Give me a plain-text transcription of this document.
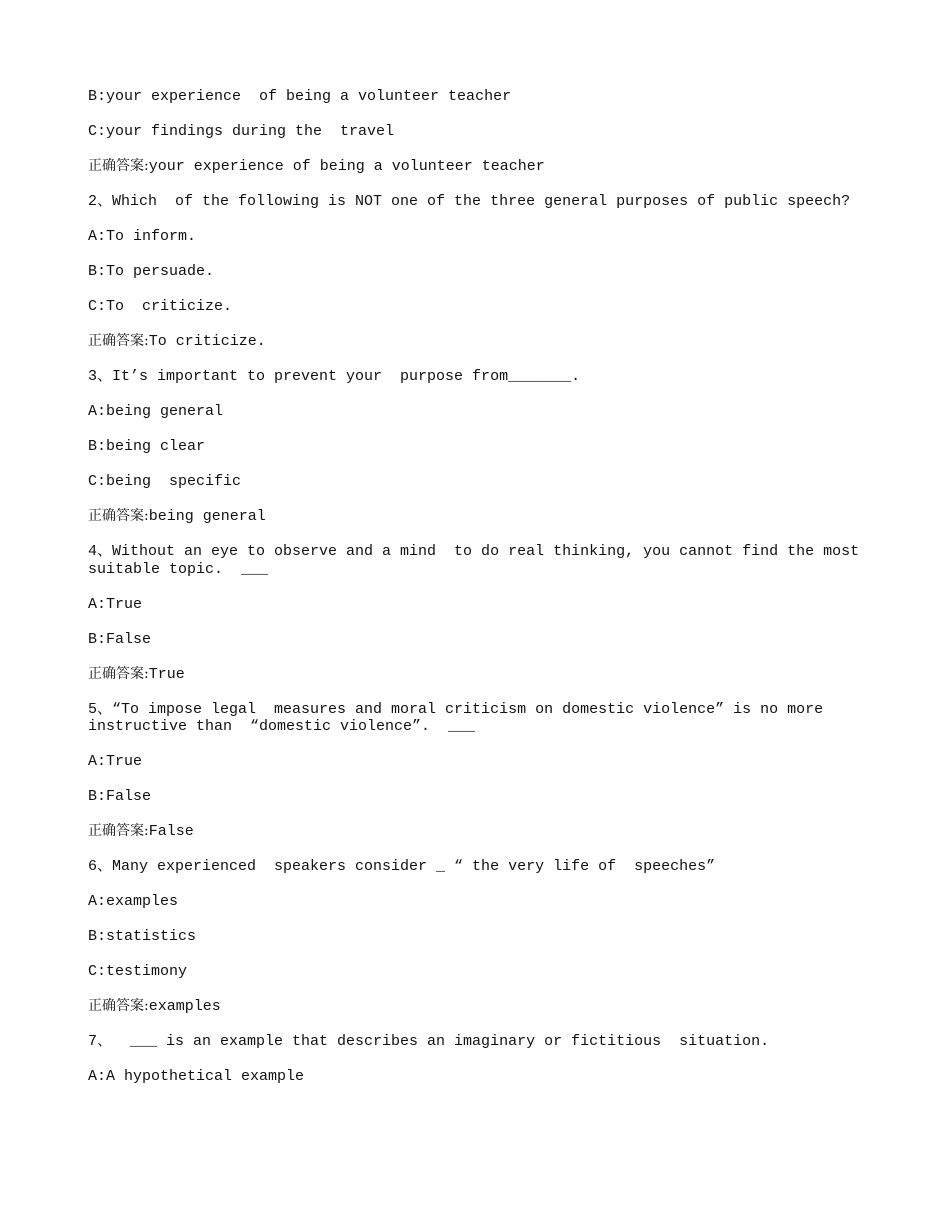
B:your experience  of being a volunteer teacher
C:your findings during the  travel
正确答案:your experience of being a volunteer teacher
2、Which  of the following is NOT one of the three general purposes of public speech?
A:To inform.
B:To persuade.
C:To  criticize.
正确答案:To criticize.
3、It’s important to prevent your  purpose from_______.
A:being general
B:being clear
C:being  specific
正确答案:being general
4、Without an eye to observe and a mind  to do real thinking, you cannot find the most suitable topic.  ___
A:True
B:False
正确答案:True
5、“To impose legal  measures and moral criticism on domestic violence” is no more instructive than  “domestic violence”.  ___
A:True
B:False
正确答案:False
6、Many experienced  speakers consider _ “ the very life of  speeches”
A:examples
B:statistics
C:testimony
正确答案:examples
7、  ___ is an example that describes an imaginary or fictitious  situation.
A:A hypothetical example
